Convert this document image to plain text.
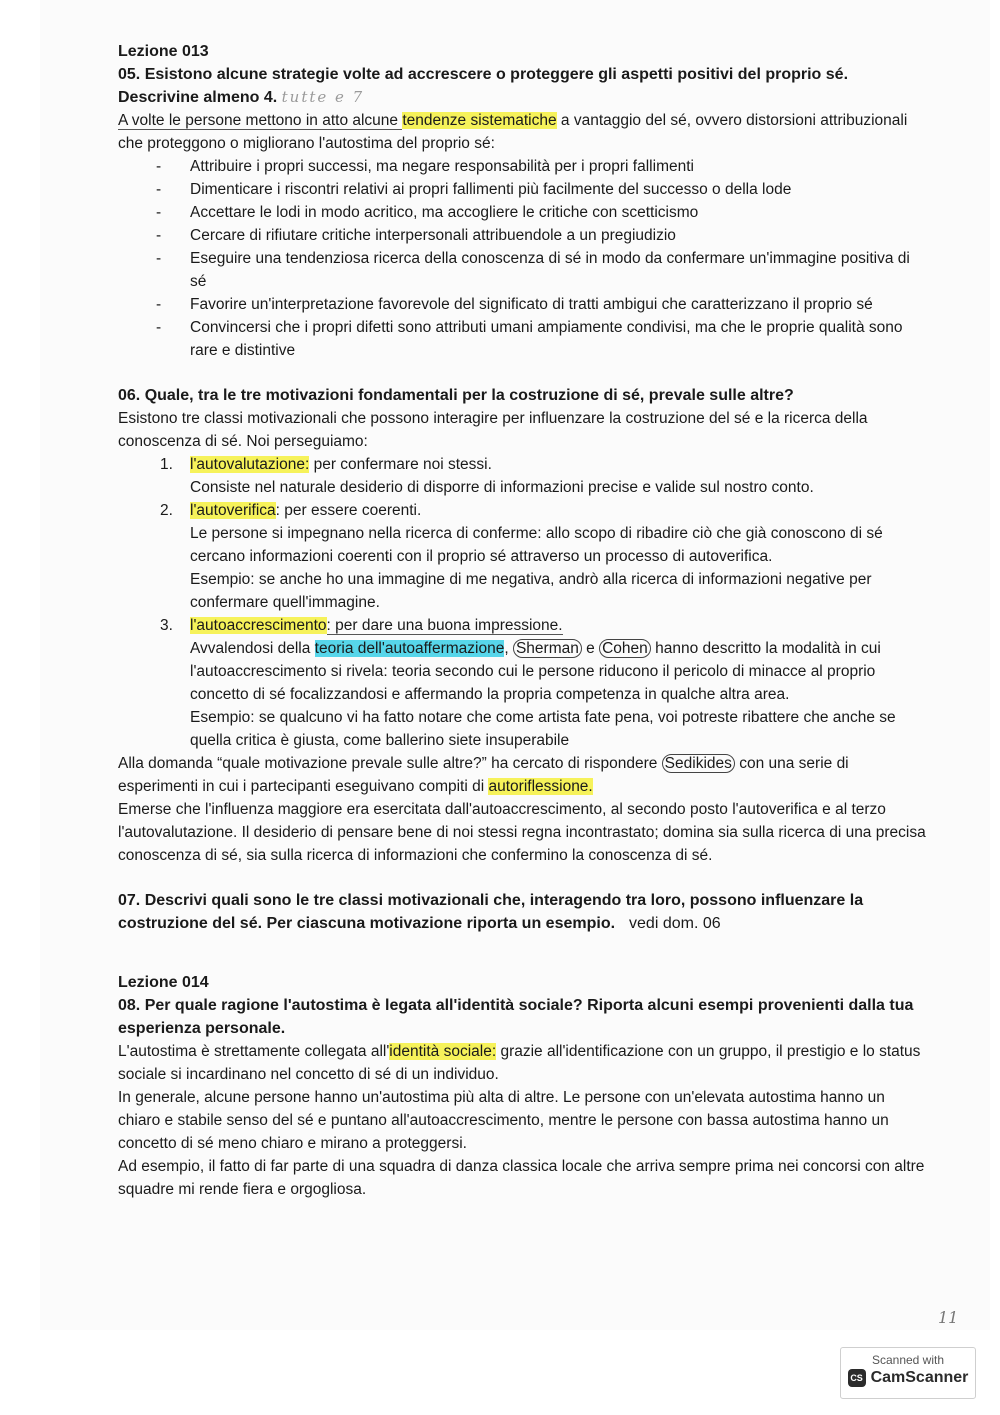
Lezione 013

05. Esistono alcune strategie volte ad accrescere o proteggere gli aspetti positivi del proprio sé.
Descrivine almeno 4. tutte e 7

A volte le persone mettono in atto alcune tendenze sistematiche a vantaggio del sé, ovvero distorsioni attribuzionali che proteggono o migliorano l'autostima del proprio sé:

- Attribuire i propri successi, ma negare responsabilità per i propri fallimenti
- Dimenticare i riscontri relativi ai propri fallimenti più facilmente del successo o della lode
- Accettare le lodi in modo acritico, ma accogliere le critiche con scetticismo
- Cercare di rifiutare critiche interpersonali attribuendole a un pregiudizio
- Eseguire una tendenziosa ricerca della conoscenza di sé in modo da confermare un'immagine positiva di sé
- Favorire un'interpretazione favorevole del significato di tratti ambigui che caratterizzano il proprio sé
- Convincersi che i propri difetti sono attributi umani ampiamente condivisi, ma che le proprie qualità sono rare e distintive

06. Quale, tra le tre motivazioni fondamentali per la costruzione di sé, prevale sulle altre?

Esistono tre classi motivazionali che possono interagire per influenzare la costruzione del sé e la ricerca della conoscenza di sé. Noi perseguiamo:

1. l'autovalutazione: per confermare noi stessi.
Consiste nel naturale desiderio di disporre di informazioni precise e valide sul nostro conto.
2. l'autoverifica: per essere coerenti.
Le persone si impegnano nella ricerca di conferme: allo scopo di ribadire ciò che già conoscono di sé cercano informazioni coerenti con il proprio sé attraverso un processo di autoverifica.
Esempio: se anche ho una immagine di me negativa, andrò alla ricerca di informazioni negative per confermare quell'immagine.
3. l'autoaccrescimento: per dare una buona impressione.
Avvalendosi della teoria dell'autoaffermazione, Sherman e Cohen hanno descritto la modalità in cui l'autoaccrescimento si rivela: teoria secondo cui le persone riducono il pericolo di minacce al proprio concetto di sé focalizzandosi e affermando la propria competenza in qualche altra area.
Esempio: se qualcuno vi ha fatto notare che come artista fate pena, voi potreste ribattere che anche se quella critica è giusta, come ballerino siete insuperabile

Alla domanda “quale motivazione prevale sulle altre?” ha cercato di rispondere Sedikides con una serie di esperimenti in cui i partecipanti eseguivano compiti di autoriflessione.

Emerse che l'influenza maggiore era esercitata dall'autoaccrescimento, al secondo posto l'autoverifica e al terzo l'autovalutazione. Il desiderio di pensare bene di noi stessi regna incontrastato; domina sia sulla ricerca di una precisa conoscenza di sé, sia sulla ricerca di informazioni che confermino la conoscenza di sé.

07. Descrivi quali sono le tre classi motivazionali che, interagendo tra loro, possono influenzare la costruzione del sé. Per ciascuna motivazione riporta un esempio. vedi dom. 06

Lezione 014

08. Per quale ragione l'autostima è legata all'identità sociale? Riporta alcuni esempi provenienti dalla tua esperienza personale.

L'autostima è strettamente collegata all'identità sociale: grazie all'identificazione con un gruppo, il prestigio e lo status sociale si incardinano nel concetto di sé di un individuo.

In generale, alcune persone hanno un'autostima più alta di altre. Le persone con un'elevata autostima hanno un chiaro e stabile senso del sé e puntano all'autoaccrescimento, mentre le persone con bassa autostima hanno un concetto di sé meno chiaro e mirano a proteggersi.

Ad esempio, il fatto di far parte di una squadra di danza classica locale che arriva sempre prima nei concorsi con altre squadre mi rende fiera e orgogliosa.

11
Scanned with
CS CamScanner
